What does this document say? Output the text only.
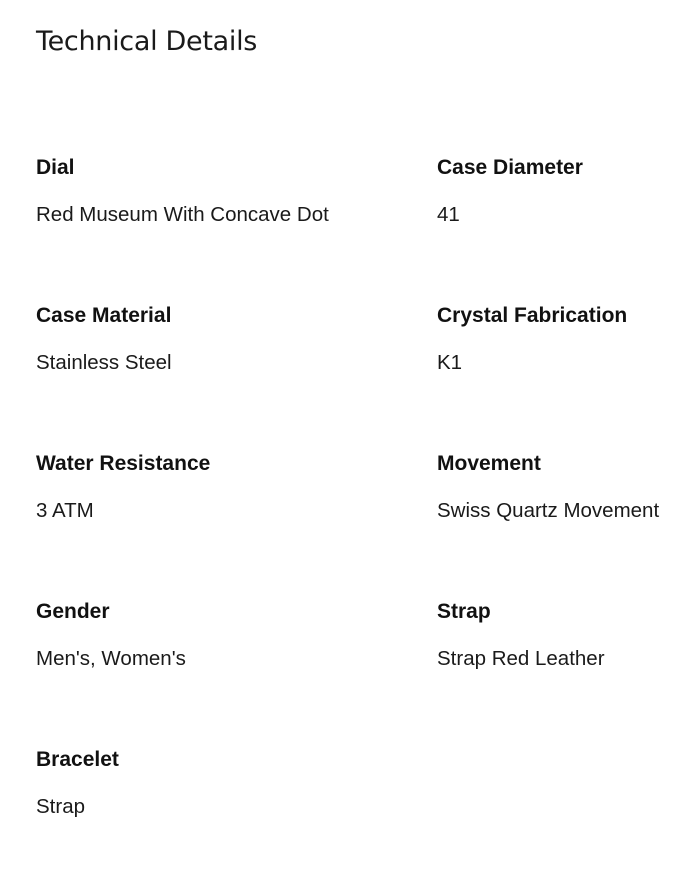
Technical Details
Dial
Red Museum With Concave Dot
Case Diameter
41
Case Material
Stainless Steel
Crystal Fabrication
K1
Water Resistance
3 ATM
Movement
Swiss Quartz Movement
Gender
Men's, Women's
Strap
Strap Red Leather
Bracelet
Strap
